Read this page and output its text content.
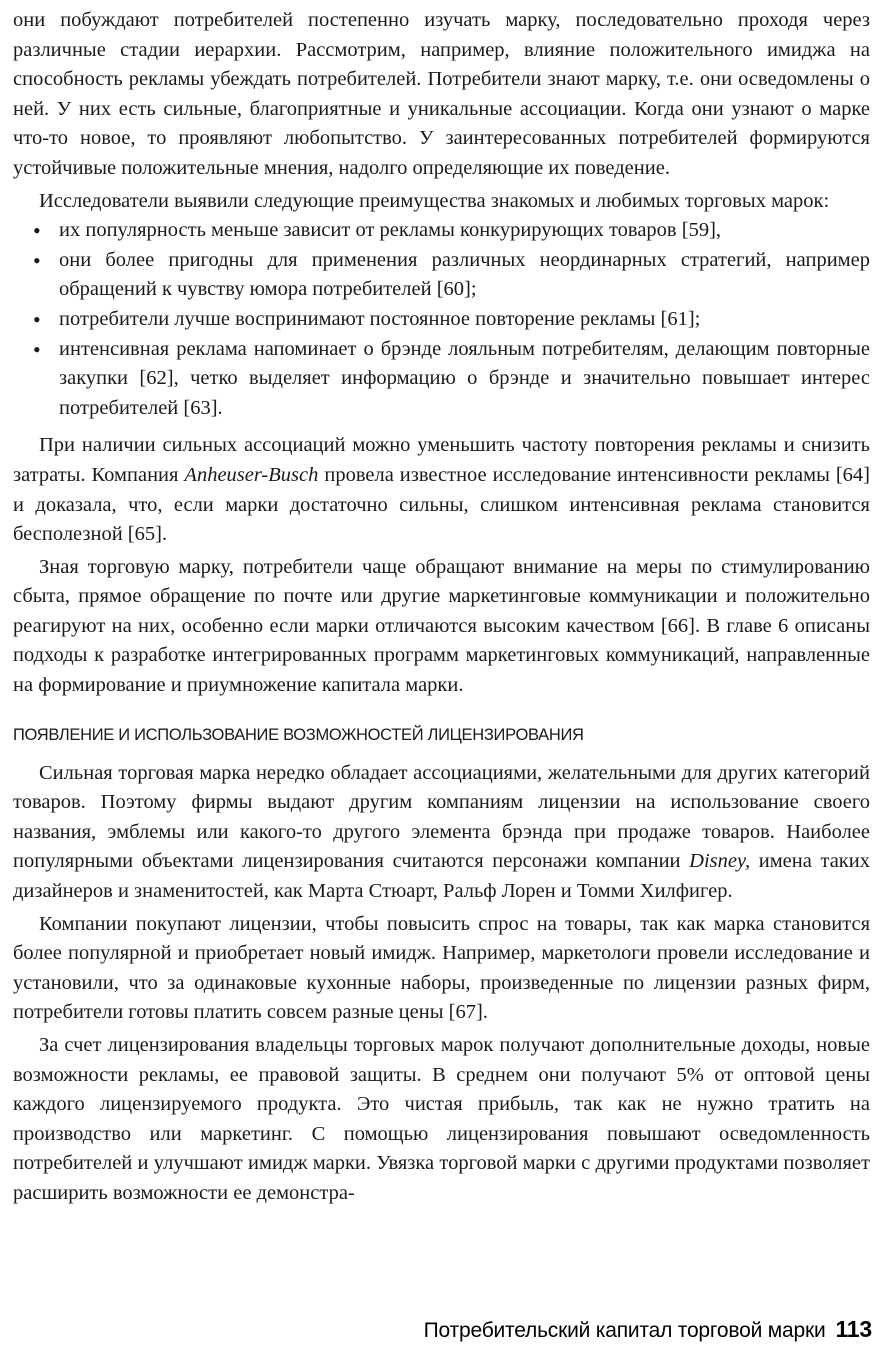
они побуждают потребителей постепенно изучать марку, последовательно проходя через различные стадии иерархии. Рассмотрим, например, влияние положительного имиджа на способность рекламы убеждать потребителей. Потребители знают марку, т.е. они осведомлены о ней. У них есть сильные, благоприятные и уникальные ассоциации. Когда они узнают о марке что-то новое, то проявляют любопытство. У заинтересованных потребителей формируются устойчивые положительные мнения, надолго определяющие их поведение.

Исследователи выявили следующие преимущества знакомых и любимых торговых марок:

• их популярность меньше зависит от рекламы конкурирующих товаров [59],
• они более пригодны для применения различных неординарных стратегий, например обращений к чувству юмора потребителей [60];
• потребители лучше воспринимают постоянное повторение рекламы [61];
• интенсивная реклама напоминает о брэнде лояльным потребителям, делающим повторные закупки [62], четко выделяет информацию о брэнде и значительно повышает интерес потребителей [63].

При наличии сильных ассоциаций можно уменьшить частоту повторения рекламы и снизить затраты. Компания Anheuser-Busch провела известное исследование интенсивности рекламы [64] и доказала, что, если марки достаточно сильны, слишком интенсивная реклама становится бесполезной [65].

Зная торговую марку, потребители чаще обращают внимание на меры по стимулированию сбыта, прямое обращение по почте или другие маркетинговые коммуникации и положительно реагируют на них, особенно если марки отличаются высоким качеством [66]. В главе 6 описаны подходы к разработке интегрированных программ маркетинговых коммуникаций, направленные на формирование и приумножение капитала марки.

ПОЯВЛЕНИЕ И ИСПОЛЬЗОВАНИЕ ВОЗМОЖНОСТЕЙ ЛИЦЕНЗИРОВАНИЯ

Сильная торговая марка нередко обладает ассоциациями, желательными для других категорий товаров. Поэтому фирмы выдают другим компаниям лицензии на использование своего названия, эмблемы или какого-то другого элемента брэнда при продаже товаров. Наиболее популярными объектами лицензирования считаются персонажи компании Disney, имена таких дизайнеров и знаменитостей, как Марта Стюарт, Ральф Лорен и Томми Хилфигер.

Компании покупают лицензии, чтобы повысить спрос на товары, так как марка становится более популярной и приобретает новый имидж. Например, маркетологи провели исследование и установили, что за одинаковые кухонные наборы, произведенные по лицензии разных фирм, потребители готовы платить совсем разные цены [67].

За счет лицензирования владельцы торговых марок получают дополнительные доходы, новые возможности рекламы, ее правовой защиты. В среднем они получают 5% от оптовой цены каждого лицензируемого продукта. Это чистая прибыль, так как не нужно тратить на производство или маркетинг. С помощью лицензирования повышают осведомленность потребителей и улучшают имидж марки. Увязка торговой марки с другими продуктами позволяет расширить возможности ее демонстра-

Потребительский капитал торговой марки 113
